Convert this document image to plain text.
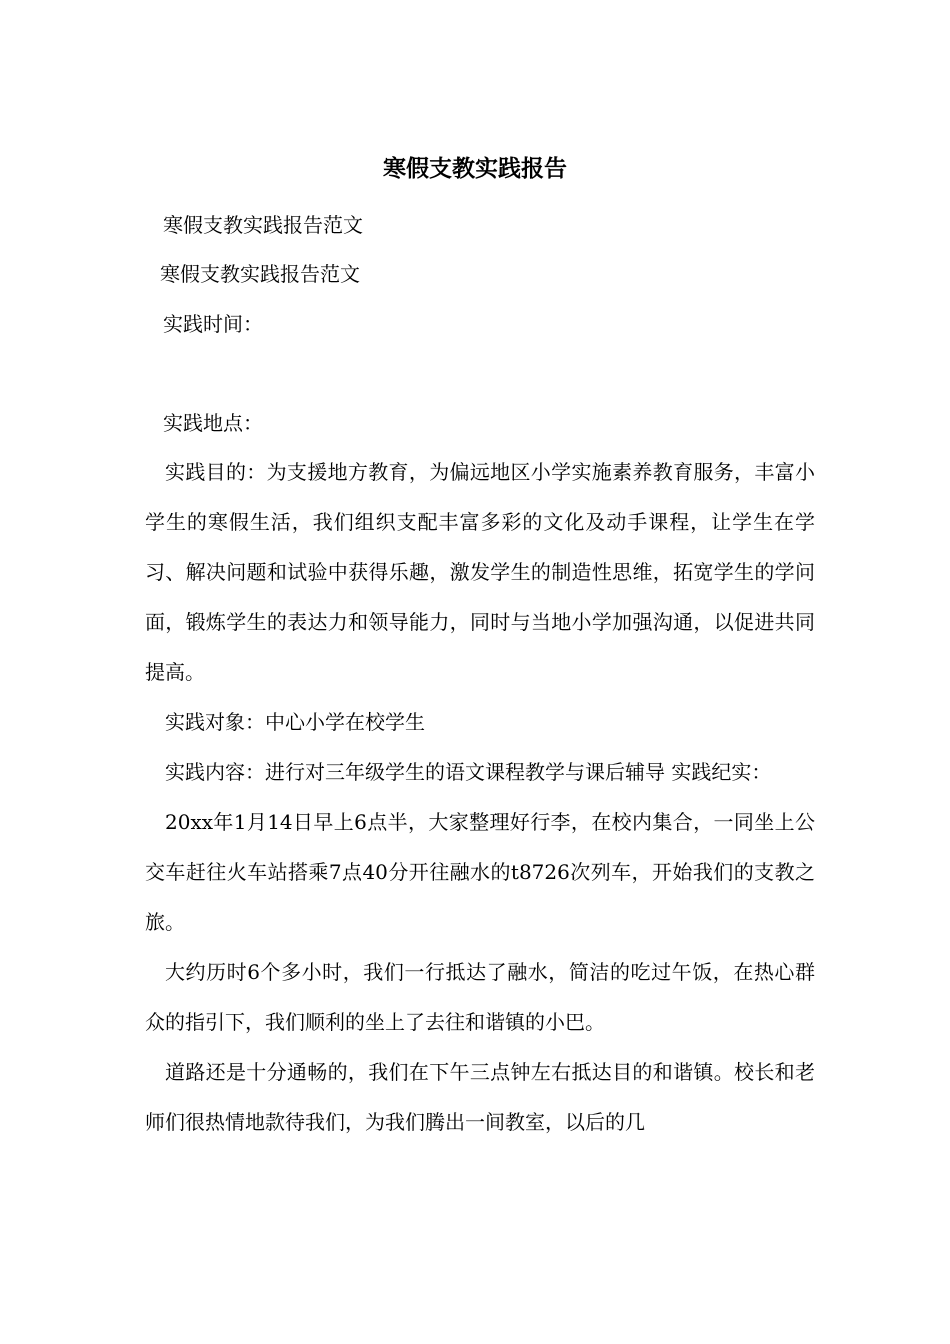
寒假支教实践报告
寒假支教实践报告范文
寒假支教实践报告范文
实践时间：
实践地点：

实践目的：为支援地方教育，为偏远地区小学实施素养教育服务，丰富小学生的寒假生活，我们组织支配丰富多彩的文化及动手课程，让学生在学习、解决问题和试验中获得乐趣，激发学生的制造性思维，拓宽学生的学问面，锻炼学生的表达力和领导能力，同时与当地小学加强沟通，以促进共同提高。

实践对象：中心小学在校学生

实践内容：进行对三年级学生的语文课程教学与课后辅导 实践纪实：

20xx年1月14日早上6点半，大家整理好行李，在校内集合，一同坐上公交车赶往火车站搭乘7点40分开往融水的t8726次列车，开始我们的支教之旅。

大约历时6个多小时，我们一行抵达了融水，简洁的吃过午饭，在热心群众的指引下，我们顺利的坐上了去往和谐镇的小巴。

道路还是十分通畅的，我们在下午三点钟左右抵达目的和谐镇。校长和老师们很热情地款待我们，为我们腾出一间教室，以后的几
